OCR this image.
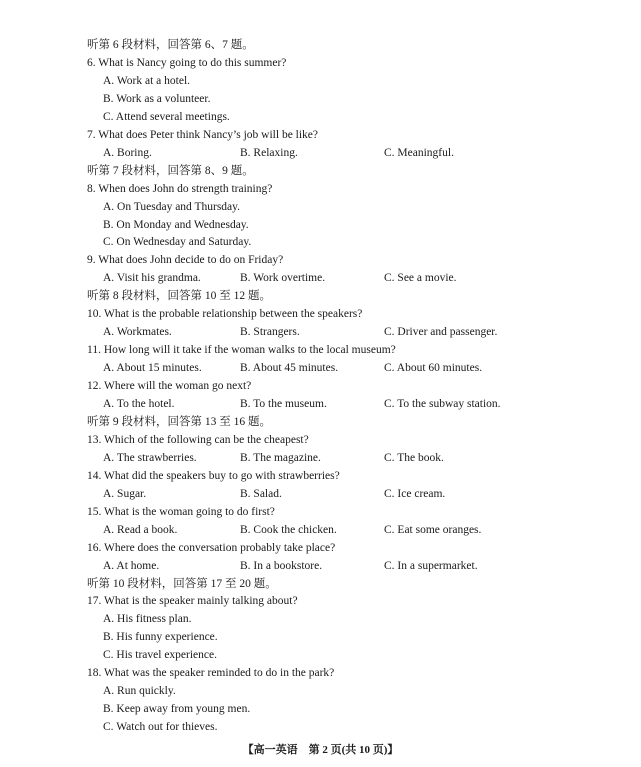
听第 6 段材料，回答第 6、7 题。
6. What is Nancy going to do this summer?
A. Work at a hotel.
B. Work as a volunteer.
C. Attend several meetings.
7. What does Peter think Nancy’s job will be like?
A. Boring.	B. Relaxing.	C. Meaningful.
听第 7 段材料，回答第 8、9 题。
8. When does John do strength training?
A. On Tuesday and Thursday.
B. On Monday and Wednesday.
C. On Wednesday and Saturday.
9. What does John decide to do on Friday?
A. Visit his grandma.	B. Work overtime.	C. See a movie.
听第 8 段材料，回答第 10 至 12 题。
10. What is the probable relationship between the speakers?
A. Workmates.	B. Strangers.	C. Driver and passenger.
11. How long will it take if the woman walks to the local museum?
A. About 15 minutes.	B. About 45 minutes.	C. About 60 minutes.
12. Where will the woman go next?
A. To the hotel.	B. To the museum.	C. To the subway station.
听第 9 段材料，回答第 13 至 16 题。
13. Which of the following can be the cheapest?
A. The strawberries.	B. The magazine.	C. The book.
14. What did the speakers buy to go with strawberries?
A. Sugar.	B. Salad.	C. Ice cream.
15. What is the woman going to do first?
A. Read a book.	B. Cook the chicken.	C. Eat some oranges.
16. Where does the conversation probably take place?
A. At home.	B. In a bookstore.	C. In a supermarket.
听第 10 段材料，回答第 17 至 20 题。
17. What is the speaker mainly talking about?
A. His fitness plan.
B. His funny experience.
C. His travel experience.
18. What was the speaker reminded to do in the park?
A. Run quickly.
B. Keep away from young men.
C. Watch out for thieves.
【高一英语　第 2 页(共 10 页)】
